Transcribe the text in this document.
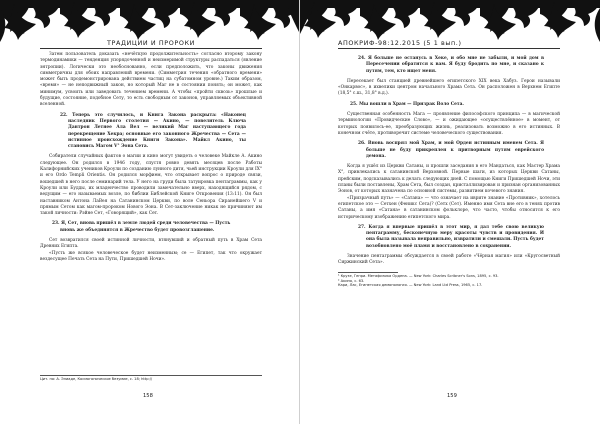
ТРАДИЦИИ И ПРОРОКИ

Затем пользователь доказать «нечёткую продолжительность» согласно второму закону термодинамики — тенденция упорядоченной и неизмеримой структуры распадаться (явление энтропии). Логически это необоснованно, если предположить, что законы движения симметричны для обоих направлений времени. (Симметрия течения «обратного времени» может быть продемонстрирована действием частиц на субатомном уровне.) Таким образом, «время» — не неподвижный закон, но который Маг не в состоянии понять; он может, как минимум, усвоить или заведовать течением времени. А чтобы «пройти сквозь» прошлые и будущие, состояние, подобное Сету, то есть свободным от законов, управляемых объективной вселенной.

22. Теперь это случилось, и Книга Закона раскрыта: «Наконец наследник Первого столетия — Акино, — повелитель Ключа Дантрон Летнее Ала Вел — великий Маг наступающего года перекрещение Хекра; основные его законного Жречества — Сета — истинное происхождение Книги Закона». Майкл Акино, ты становись Магом V° Эона Сета.

Собиратели случайных фактов о магии и кино могут увидеть о человеке Майкле А. Акино следующее. Он родился в 1946 году, спустя ровно девять месяцев после Работы Калифорнийских учеников Кроули по созданию лунного дитя, чьей инструкции Кроули для IX° и его Ordo Templi Orientis. Он родился морфием, что открывает вопрос о природе связи, вошедшей в него после семинарий тела. У него на груди была татуировка пентаграммы, как у Кроули или Будды, их младенчество проводили замечательно вверх, находящийся рядом, с ведущим — его называемых возле, по библии Библейской Книге Откровения (13:11). Он был наставником Антона ЛаВея на Сатанинском Церкви, по воле Сеньора Сиранейшего V и прямым Сетом как магом-пророком Нового Эона. В Сет-заключение никак не причиняют им такой личности: Рэйне Сет, «Говорящий», как Сет.

23. Я, Сет, вновь пришёл в земле людей среди человечества — Пусть вновь же объединятся в Жречество будет провозглашение.

Сет возвратился своей истинной личности, втянувший и обратный путь в Храм Сета Древних Египта.

«Пусть же всякое человеческое будет неизменным; се — Египет, так что окружает вездесущее Печать Сета на Пути, Пришедшей Ночи».

Цит. по: А. Элиаде, Космогоническое безумие, с. 18; http://
158
АПОКРИФ-98:12.2015 (5 1 вып.)

24. Я больше не останусь в Хеке, и обо мне не забыли, и мой дом в Пересечении обратится к вам. Я буду бродить по мне, и сказано к путям, тем, кто ищет меня.

Пересекает был станцией древнейшего египетского XIX века Хабуз. Герои называли «Онкарвос», в ихвелики центром начального Храма Сета. Он расположен в Верхнем Египте (18,5° с.ш., 31,8° в.д.).

25. Мы вошли в Храм — Призрак Воло Сета.

Существенная особенность Мага — проявление философского принципа — в магической терминологии «Провидческие Слово», — и ожидающее «осуществлённое» в момент, от которых появилось-ее, преобразующих жизнь, реализовать возможно в его истинных. В конечном счёте, противоречит системе человеческого существования.

26. Вновь воспрял мой Храм, и мой Орден истинным именем Сета. Я больше не буду прикреплен к притворным путям еврейского демона.

Когда я ушёл из Церкви Сатаны, и прошли заседания в его Мандаться, как Мастер Храма X°, привлекались к сатанинской Верховной. Первые шаги, из которых Церкви Сатаны, прейским, подсказывались к делать следующих дней. С помощью Книги Пришедшей Ночи, эти планы были поставлены, Храм Сета, был создан, кристаллизирован и признан организованных Эонов, от которых назначена по основной системы, развитием кочевого знания.

«Призрачный путь» — «Сатана» — что означает на иврите знание «Противник», хотелось египетское это — Сетхен (Феникс Сета)? (Сетх (Сет). Именно имя Сета вне его в тенях против Сатаны, а имя «Сатана» в сатанинском фольклоре, что часто, чтобы относится к его историческому изображению египетского мира.

27. Когда я впервые пришёл в этот мир, я дал тебе свою великую пентаграмму, бесконечную меру красоты чувств и провидения. И она была называла неправильно, извратили и смешали. Пусть будет возобновлено моё пламя и восстановлено в сохранении.

Значение пентаграммы обсуждается в своей работе «Чёрная магия» или «Кругосветный Сиржинский Сета».

¹ Крузе, Генри. Метафизика Ордена. — New York: Charles Scribner's Sons, 1895, с. 93.

² Акино, с. 63.

Кари, Лас, Египетская демонология. — New York: Land Ltd Press, 1965, с. 17.

159
